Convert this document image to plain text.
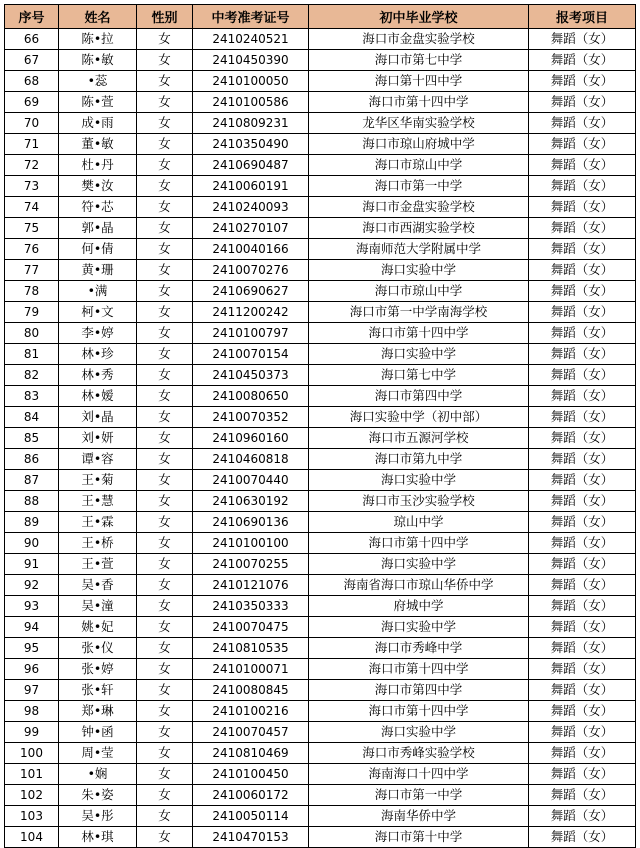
序号	姓名	性别	中考准考证号	初中毕业学校	报考项目
66	陈•拉	女	2410240521	海口市金盘实验学校	舞蹈（女）
67	陈•敏	女	2410450390	海口市第七中学	舞蹈（女）
68	•蕊	女	2410100050	海口第十四中学	舞蹈（女）
69	陈•萱	女	2410100586	海口市第十四中学	舞蹈（女）
70	成•雨	女	2410809231	龙华区华南实验学校	舞蹈（女）
71	董•敏	女	2410350490	海口市琼山府城中学	舞蹈（女）
72	杜•丹	女	2410690487	海口市琼山中学	舞蹈（女）
73	樊•汝	女	2410060191	海口市第一中学	舞蹈（女）
74	符•芯	女	2410240093	海口市金盘实验学校	舞蹈（女）
75	郭•晶	女	2410270107	海口市西湖实验学校	舞蹈（女）
76	何•倩	女	2410040166	海南师范大学附属中学	舞蹈（女）
77	黄•珊	女	2410070276	海口实验中学	舞蹈（女）
78	•满	女	2410690627	海口市琼山中学	舞蹈（女）
79	柯•文	女	2411200242	海口市第一中学南海学校	舞蹈（女）
80	李•婷	女	2410100797	海口市第十四中学	舞蹈（女）
81	林•珍	女	2410070154	海口实验中学	舞蹈（女）
82	林•秀	女	2410450373	海口第七中学	舞蹈（女）
83	林•嫒	女	2410080650	海口市第四中学	舞蹈（女）
84	刘•晶	女	2410070352	海口实验中学（初中部）	舞蹈（女）
85	刘•妍	女	2410960160	海口市五源河学校	舞蹈（女）
86	谭•容	女	2410460818	海口市第九中学	舞蹈（女）
87	王•菊	女	2410070440	海口实验中学	舞蹈（女）
88	王•慧	女	2410630192	海口市玉沙实验学校	舞蹈（女）
89	王•霖	女	2410690136	琼山中学	舞蹈（女）
90	王•桥	女	2410100100	海口市第十四中学	舞蹈（女）
91	王•萱	女	2410070255	海口实验中学	舞蹈（女）
92	吴•香	女	2410121076	海南省海口市琼山华侨中学	舞蹈（女）
93	吴•潼	女	2410350333	府城中学	舞蹈（女）
94	姚•妃	女	2410070475	海口实验中学	舞蹈（女）
95	张•仪	女	2410810535	海口市秀峰中学	舞蹈（女）
96	张•婷	女	2410100071	海口市第十四中学	舞蹈（女）
97	张•轩	女	2410080845	海口市第四中学	舞蹈（女）
98	郑•琳	女	2410100216	海口市第十四中学	舞蹈（女）
99	钟•函	女	2410070457	海口实验中学	舞蹈（女）
100	周•莹	女	2410810469	海口市秀峰实验学校	舞蹈（女）
101	•娴	女	2410100450	海南海口十四中学	舞蹈（女）
102	朱•姿	女	2410060172	海口市第一中学	舞蹈（女）
103	吴•彤	女	2410050114	海南华侨中学	舞蹈（女）
104	林•琪	女	2410470153	海口市第十中学	舞蹈（女）
